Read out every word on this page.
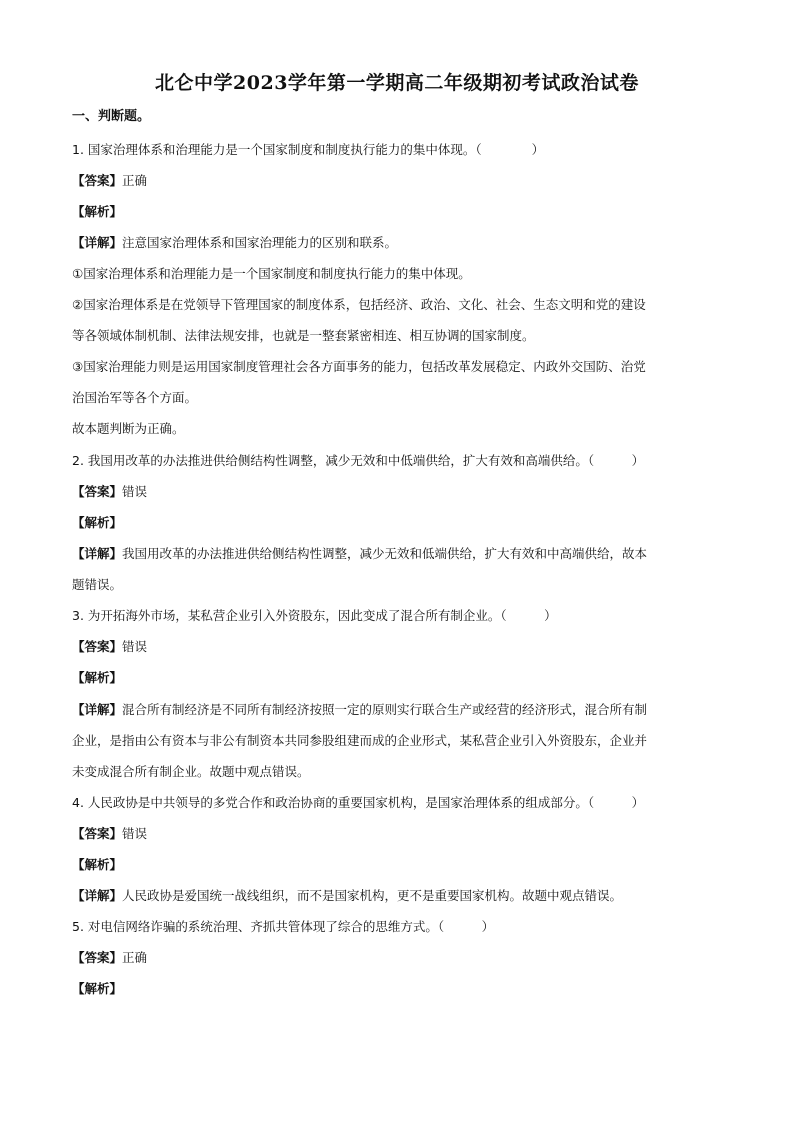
北仑中学2023学年第一学期高二年级期初考试政治试卷
一、判断题。
1. 国家治理体系和治理能力是一个国家制度和制度执行能力的集中体现。（　　　　）
【答案】正确
【解析】
【详解】注意国家治理体系和国家治理能力的区别和联系。
①国家治理体系和治理能力是一个国家制度和制度执行能力的集中体现。
②国家治理体系是在党领导下管理国家的制度体系，包括经济、政治、文化、社会、生态文明和党的建设
等各领域体制机制、法律法规安排，也就是一整套紧密相连、相互协调的国家制度。
③国家治理能力则是运用国家制度管理社会各方面事务的能力，包括改革发展稳定、内政外交国防、治党
治国治军等各个方面。
故本题判断为正确。
2. 我国用改革的办法推进供给侧结构性调整，减少无效和中低端供给，扩大有效和高端供给。（　　　）
【答案】错误
【解析】
【详解】我国用改革的办法推进供给侧结构性调整，减少无效和低端供给，扩大有效和中高端供给，故本
题错误。
3. 为开拓海外市场，某私营企业引入外资股东，因此变成了混合所有制企业。（　　　）
【答案】错误
【解析】
【详解】混合所有制经济是不同所有制经济按照一定的原则实行联合生产或经营的经济形式，混合所有制
企业，是指由公有资本与非公有制资本共同参股组建而成的企业形式，某私营企业引入外资股东，企业并
未变成混合所有制企业。故题中观点错误。
4. 人民政协是中共领导的多党合作和政治协商的重要国家机构，是国家治理体系的组成部分。（　　　）
【答案】错误
【解析】
【详解】人民政协是爱国统一战线组织，而不是国家机构，更不是重要国家机构。故题中观点错误。
5. 对电信网络诈骗的系统治理、齐抓共管体现了综合的思维方式。（　　　）
【答案】正确
【解析】
